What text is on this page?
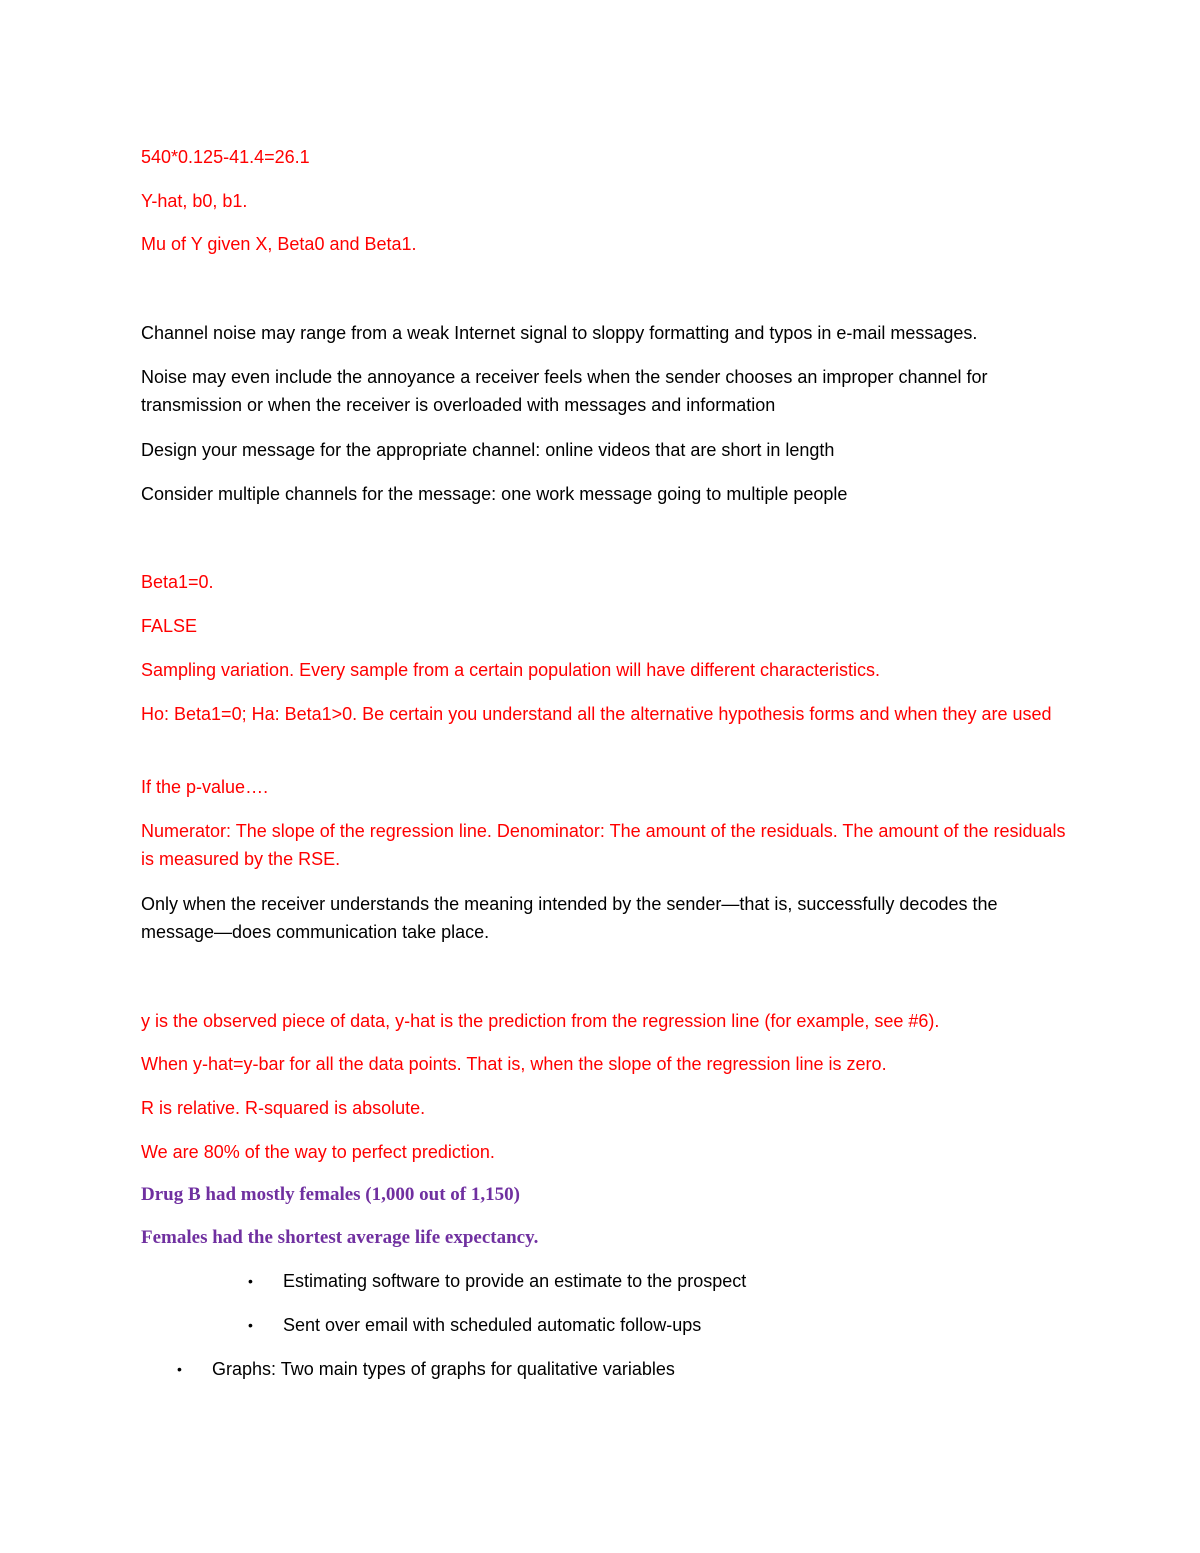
540*0.125-41.4=26.1

Y-hat, b0, b1.

Mu of Y given X, Beta0 and Beta1.

Channel noise may range from a weak Internet signal to sloppy formatting and typos in e-mail messages.

Noise may even include the annoyance a receiver feels when the sender chooses an improper channel for transmission or when the receiver is overloaded with messages and information

Design your message for the appropriate channel: online videos that are short in length

Consider multiple channels for the message: one work message going to multiple people

Beta1=0.

FALSE

Sampling variation. Every sample from a certain population will have different characteristics.

Ho: Beta1=0; Ha: Beta1>0. Be certain you understand all the alternative hypothesis forms and when they are used

If the p-value….

Numerator: The slope of the regression line. Denominator: The amount of the residuals. The amount of the residuals is measured by the RSE.

Only when the receiver understands the meaning intended by the sender—that is, successfully decodes the message—does communication take place.

y is the observed piece of data, y-hat is the prediction from the regression line (for example, see #6).

When y-hat=y-bar for all the data points. That is, when the slope of the regression line is zero.

R is relative. R-squared is absolute.

We are 80% of the way to perfect prediction.

Drug B had mostly females (1,000 out of 1,150)

Females had the shortest average life expectancy.

• Estimating software to provide an estimate to the prospect
• Sent over email with scheduled automatic follow-ups
• Graphs: Two main types of graphs for qualitative variables
